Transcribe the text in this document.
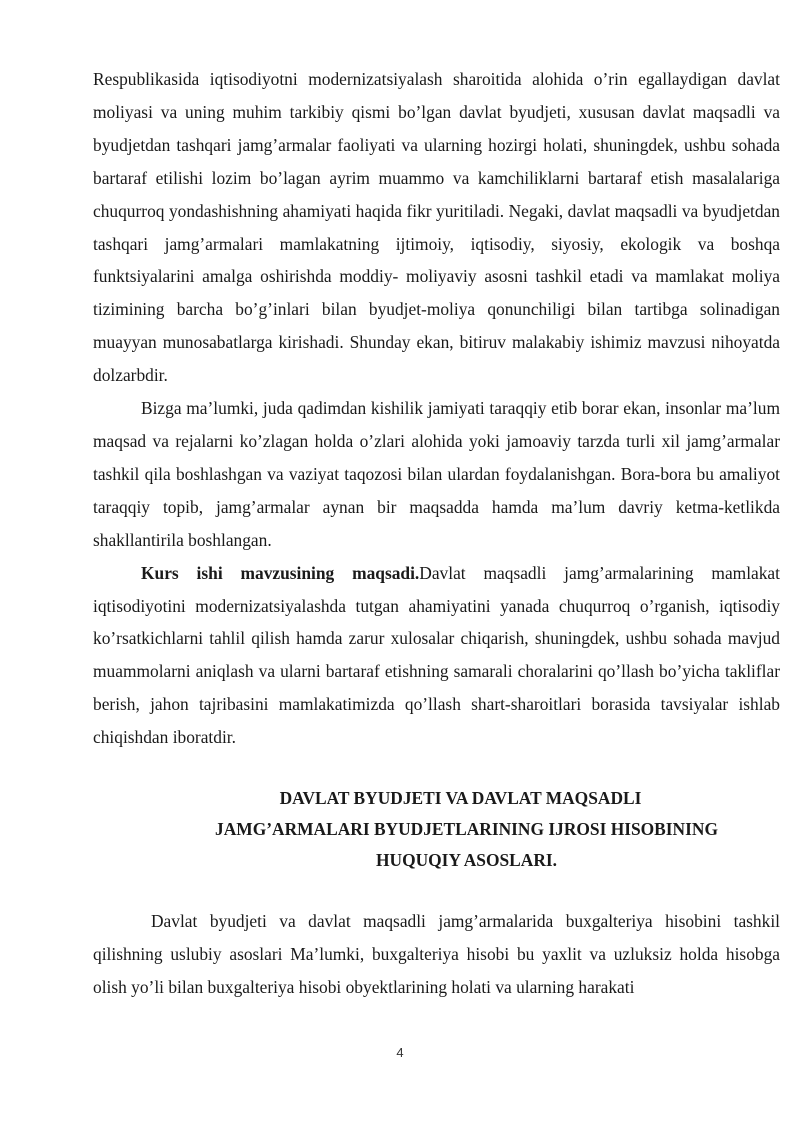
Respublikasida iqtisodiyotni modernizatsiyalash sharoitida alohida o’rin egallaydigan davlat moliyasi va uning muhim tarkibiy qismi bo’lgan davlat byudjeti, xususan davlat maqsadli va byudjetdan tashqari jamg’armalar faoliyati va ularning hozirgi holati, shuningdek, ushbu sohada bartaraf etilishi lozim bo’lagan ayrim muammo va kamchiliklarni bartaraf etish masalalariga chuqurroq yondashishning ahamiyati haqida fikr yuritiladi. Negaki, davlat maqsadli va byudjetdan tashqari jamg’armalari mamlakatning ijtimoiy, iqtisodiy, siyosiy, ekologik va boshqa funktsiyalarini amalga oshirishda moddiy- moliyaviy asosni tashkil etadi va mamlakat moliya tizimining barcha bo’g’inlari bilan byudjet-moliya qonunchiligi bilan tartibga solinadigan muayyan munosabatlarga kirishadi. Shunday ekan, bitiruv malakabiy ishimiz mavzusi nihoyatda dolzarbdir.

Bizga ma’lumki, juda qadimdan kishilik jamiyati taraqqiy etib borar ekan, insonlar ma’lum maqsad va rejalarni ko’zlagan holda o’zlari alohida yoki jamoaviy tarzda turli xil jamg’armalar tashkil qila boshlashgan va vaziyat taqozosi bilan ulardan foydalanishgan. Bora-bora bu amaliyot taraqqiy topib, jamg’armalar aynan bir maqsadda hamda ma’lum davriy ketma-ketlikda shakllantirila boshlangan.

Kurs ishi mavzusining maqsadi.Davlat maqsadli jamg’armalarining mamlakat iqtisodiyotini modernizatsiyalashda tutgan ahamiyatini yanada chuqurroq o’rganish, iqtisodiy ko’rsatkichlarni tahlil qilish hamda zarur xulosalar chiqarish, shuningdek, ushbu sohada mavjud muammolarni aniqlash va ularni bartaraf etishning samarali choralarini qo’llash bo’yicha takliflar berish, jahon tajribasini mamlakatimizda qo’llash shart-sharoitlari borasida tavsiyalar ishlab chiqishdan iboratdir.

DAVLAT BYUDJETI VA DAVLAT MAQSADLI
JAMG’ARMALARI BYUDJETLARINING IJROSI HISOBINING
HUQUQIY ASOSLARI.

Davlat byudjeti va davlat maqsadli jamg’armalarida buxgalteriya hisobini tashkil qilishning uslubiy asoslari Ma’lumki, buxgalteriya hisobi bu yaxlit va uzluksiz holda hisobga olish yo’li bilan buxgalteriya hisobi obyektlarining holati va ularning harakati

4
